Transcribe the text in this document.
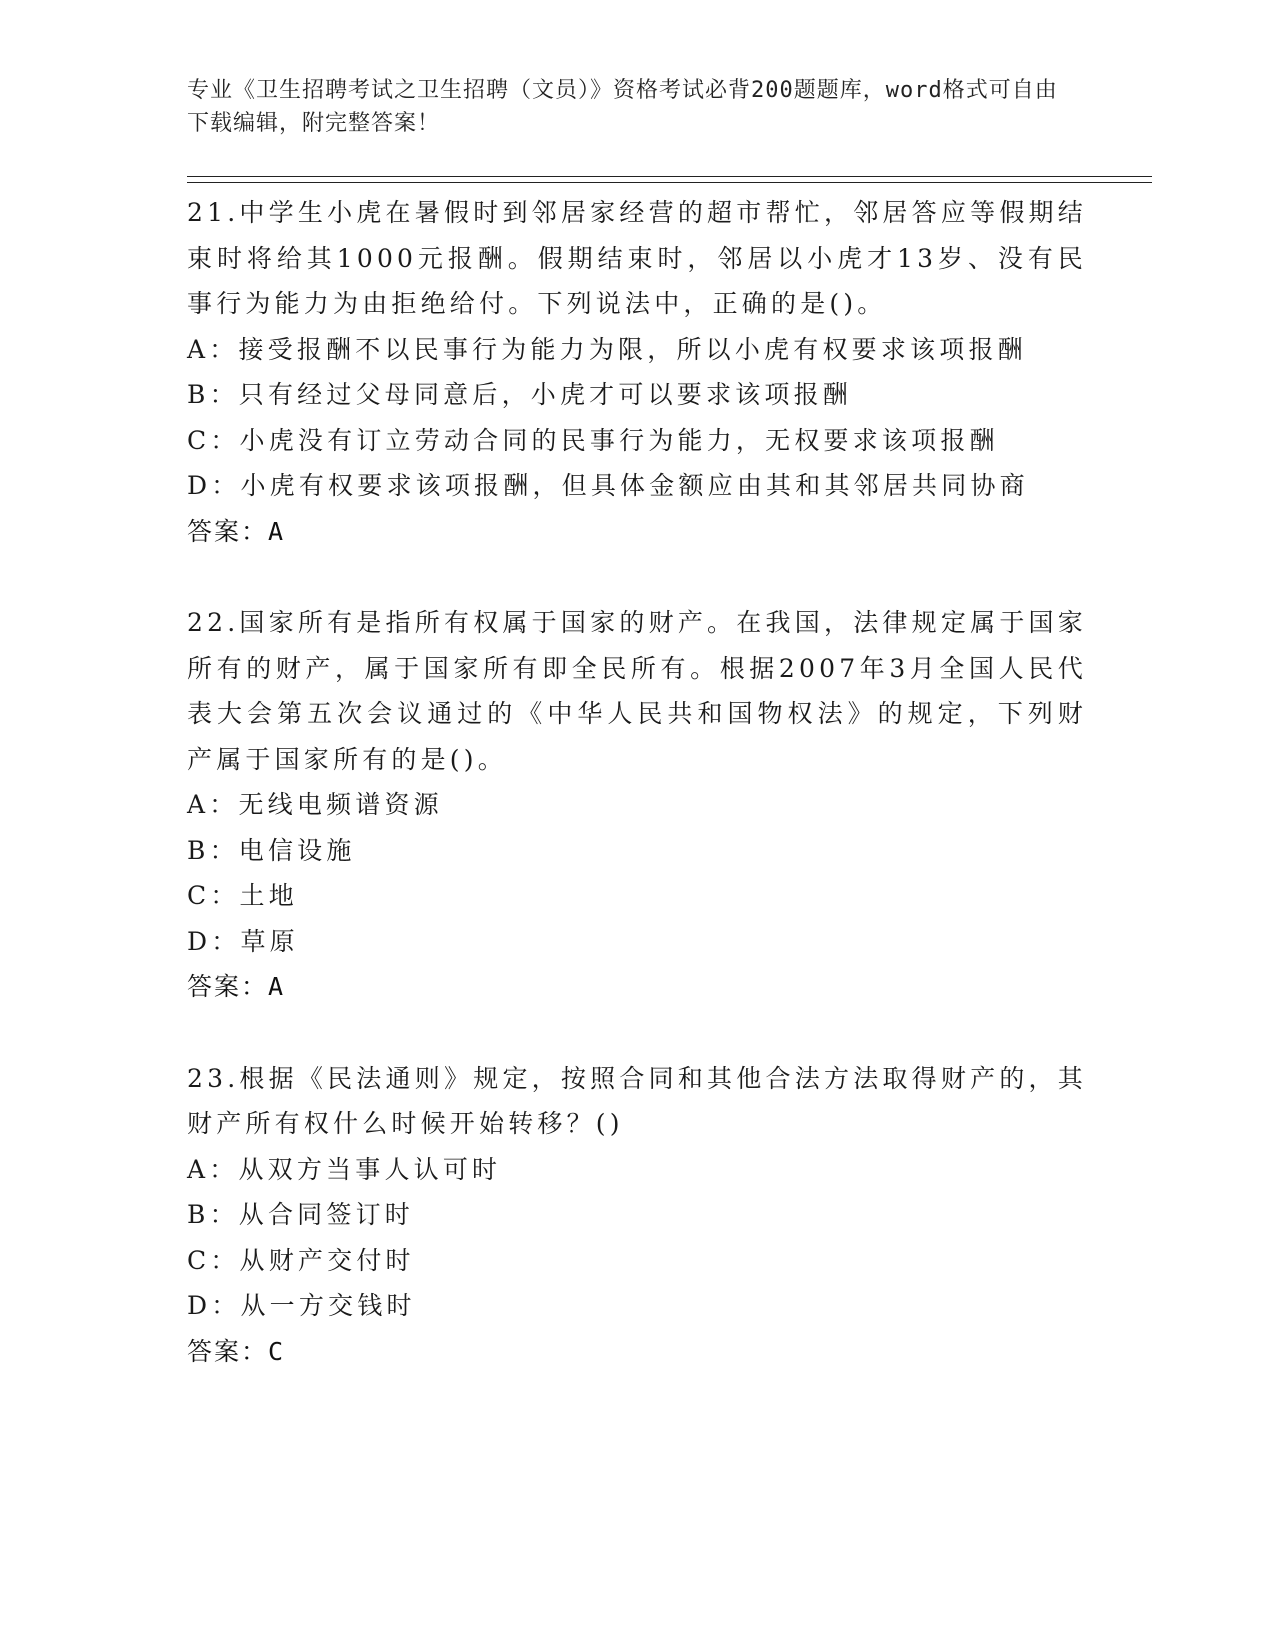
专业《卫生招聘考试之卫生招聘（文员）》资格考试必背200题题库，word格式可自由下载编辑，附完整答案！
21.中学生小虎在暑假时到邻居家经营的超市帮忙，邻居答应等假期结束时将给其1000元报酬。假期结束时，邻居以小虎才13岁、没有民事行为能力为由拒绝给付。下列说法中，正确的是()。
A：接受报酬不以民事行为能力为限，所以小虎有权要求该项报酬
B：只有经过父母同意后，小虎才可以要求该项报酬
C：小虎没有订立劳动合同的民事行为能力，无权要求该项报酬
D：小虎有权要求该项报酬，但具体金额应由其和其邻居共同协商
答案：A
22.国家所有是指所有权属于国家的财产。在我国，法律规定属于国家所有的财产，属于国家所有即全民所有。根据2007年3月全国人民代表大会第五次会议通过的《中华人民共和国物权法》的规定，下列财产属于国家所有的是()。
A：无线电频谱资源
B：电信设施
C：土地
D：草原
答案：A
23.根据《民法通则》规定，按照合同和其他合法方法取得财产的，其财产所有权什么时候开始转移？()
A：从双方当事人认可时
B：从合同签订时
C：从财产交付时
D：从一方交钱时
答案：C
